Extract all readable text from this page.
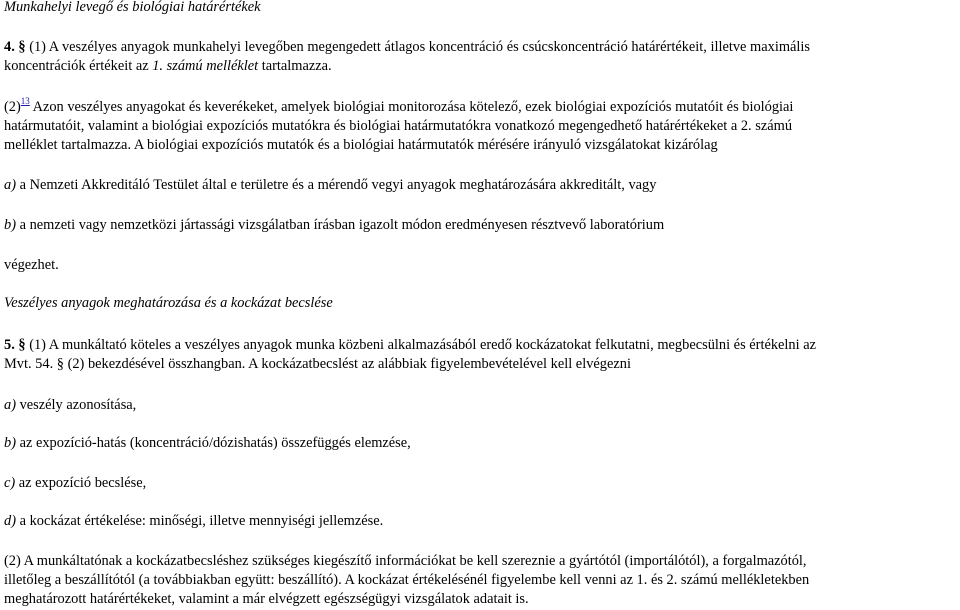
Munkahelyi levegő és biológiai határértékek
4. § (1) A veszélyes anyagok munkahelyi levegőben megengedett átlagos koncentráció és csúcskoncentráció határértékeit, illetve maximális
koncentrációk értékeit az 1. számú melléklet tartalmazza.
$(2)^{13}$ Azon veszélyes anyagokat és keverékeket, amelyek biológiai monitorozása kötelező, ezek biológiai expozíciós mutatóit és biológiai
határmutatóit, valamint a biológiai expozíciós mutatókra és biológiai határmutatókra vonatkozó megengedhető határértékeket a 2. számú
melléklet tartalmazza. A biológiai expozíciós mutatók és a biológiai határmutatók mérésére irányuló vizsgálatokat kizárólag
a) a Nemzeti Akkreditáló Testület által e területre és a mérendő vegyi anyagok meghatározására akkreditált, vagy
b) a nemzeti vagy nemzetközi jártassági vizsgálatban írásban igazolt módon eredményesen résztvevő laboratórium
végezhet.
Veszélyes anyagok meghatározása és a kockázat becslése
5. § (1) A munkáltató köteles a veszélyes anyagok munka közbeni alkalmazásából eredő kockázatokat felkutatni, megbecsülni és értékelni az
Mvt. 54. § (2) bekezdésével összhangban. A kockázatbecslést az alábbiak figyelembevételével kell elvégezni
a) veszély azonosítása,
b) az expozíció-hatás (koncentráció/dózishatás) összefüggés elemzése,
c) az expozíció becslése,
d) a kockázat értékelése: minőségi, illetve mennyiségi jellemzése.
(2) A munkáltatónak a kockázatbecsléshez szükséges kiegészítő információkat be kell szereznie a gyártótól (importálótól), a forgalmazótól,
illetőleg a beszállítótól (a továbbiakban együtt: beszállító). A kockázat értékelésénél figyelembe kell venni az 1. és 2. számú mellékletekben
meghatározott határértékeket, valamint a már elvégzett egészségügyi vizsgálatok adatait is.
